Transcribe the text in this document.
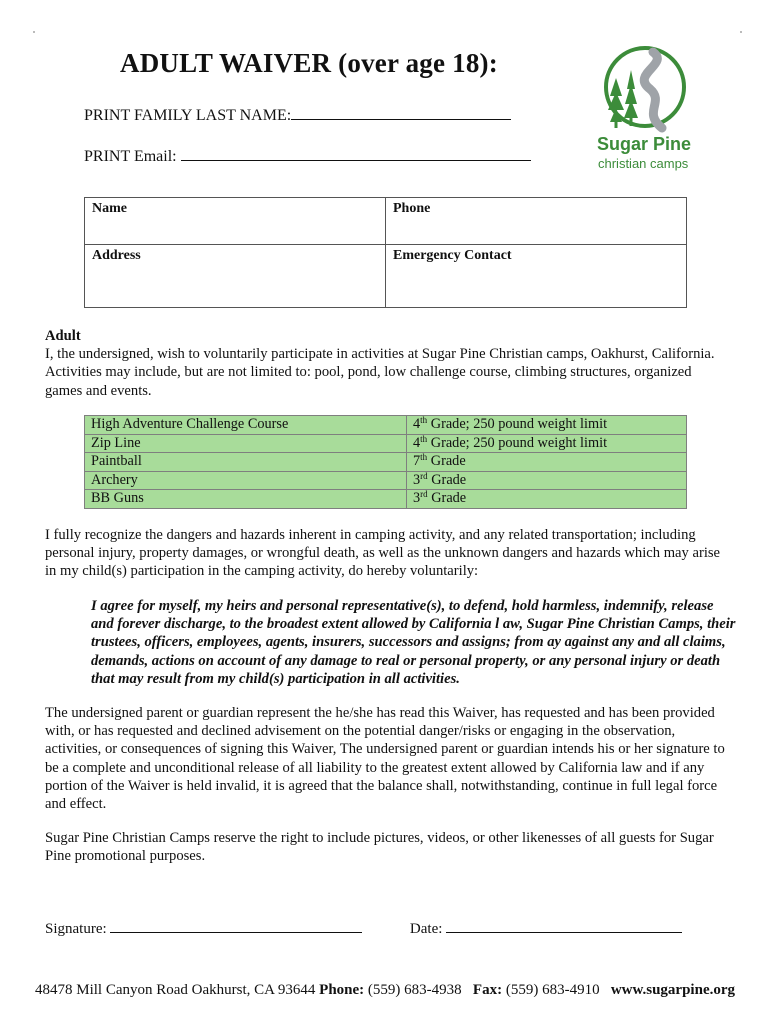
ADULT WAIVER (over age 18):
PRINT FAMILY LAST NAME:
PRINT Email:
Sugar Pine
christian camps
Name	Phone
Address	Emergency Contact
Adult
I, the undersigned, wish to voluntarily participate in activities at Sugar Pine Christian camps, Oakhurst, California. Activities may include, but are not limited to: pool, pond, low challenge course, climbing structures, organized games and events.
High Adventure Challenge Course	4th Grade; 250 pound weight limit
Zip Line	4th Grade; 250 pound weight limit
Paintball	7th Grade
Archery	3rd Grade
BB Guns	3rd Grade
I fully recognize the dangers and hazards inherent in camping activity, and any related transportation; including personal injury, property damages, or wrongful death, as well as the unknown dangers and hazards which may arise in my child(s) participation in the camping activity, do hereby voluntarily:
I agree for myself, my heirs and personal representative(s), to defend, hold harmless, indemnify, release and forever discharge, to the broadest extent allowed by California l aw, Sugar Pine Christian Camps, their trustees, officers, employees, agents, insurers, successors and assigns; from ay against any and all claims, demands, actions on account of any damage to real or personal property, or any personal injury or death that may result from my child(s) participation in all activities.
The undersigned parent or guardian represent the he/she has read this Waiver, has requested and has been provided with, or has requested and declined advisement on the potential danger/risks or engaging in the observation, activities, or consequences of signing this Waiver, The undersigned parent or guardian intends his or her signature to be a complete and unconditional release of all liability to the greatest extent allowed by California law and if any portion of the Waiver is held invalid, it is agreed that the balance shall, notwithstanding, continue in full legal force and effect.
Sugar Pine Christian Camps reserve the right to include pictures, videos, or other likenesses of all guests for Sugar Pine promotional purposes.
Signature:	Date:
48478 Mill Canyon Road Oakhurst, CA 93644 Phone: (559) 683-4938 Fax: (559) 683-4910 www.sugarpine.org
